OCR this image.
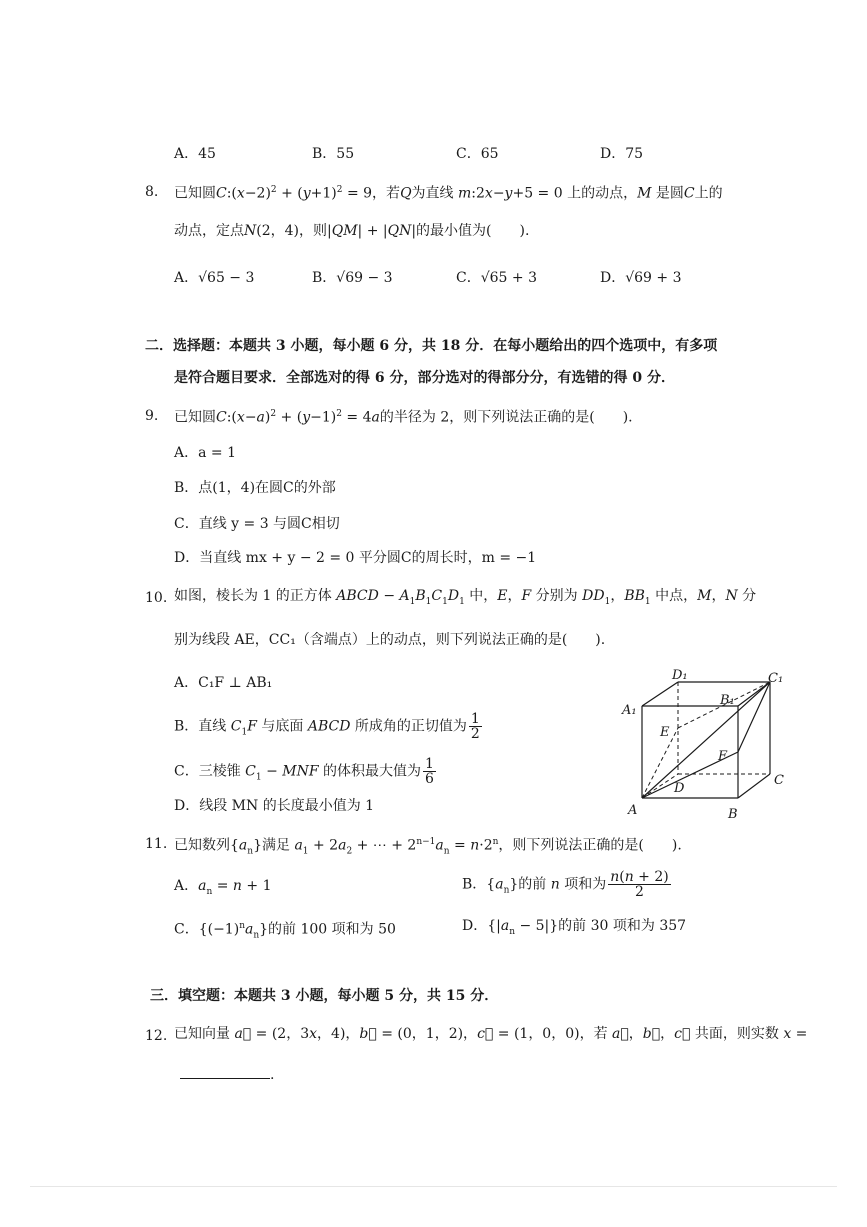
A．45	B．55	C．65	D．75
8. 已知圆$C:(x-2)^2 + (y+1)^2 = 9$，若Q为直线 m:2x−y+5 = 0 上的动点，M 是圆C上的
动点，定点N(2，4)，则|QM| + |QN|的最小值为(　　).
A．√65 − 3	B．√69 − 3	C．√65 + 3	D．√69 + 3
二．选择题：本题共 3 小题，每小题 6 分，共 18 分．在每小题给出的四个选项中，有多项
是符合题目要求．全部选对的得 6 分，部分选对的得部分分，有选错的得 0 分．
9. 已知圆$C:(x-a)^2 + (y-1)^2 = 4a$的半径为 2，则下列说法正确的是(　　).
A．a = 1
B．点(1，4)在圆C的外部
C．直线 y = 3 与圆C相切
D．当直线 mx + y − 2 = 0 平分圆C的周长时，m = −1
10. 如图，棱长为 1 的正方体 ABCD − $A_1B_1C_1D_1$ 中，E，F 分别为 $DD_1$，$BB_1$ 中点，M，N 分
别为线段 AE，CC₁（含端点）上的动点，则下列说法正确的是(　　).
A．C₁F ⊥ AB₁
B．直线 $C_1F$ 与底面 ABCD 所成角的正切值为 $\frac{1}{2}$
C．三棱锥 $C_1$ − MNF 的体积最大值为 $\frac{1}{6}$
D．线段 MN 的长度最小值为 1
D₁	C₁
A₁
B₁
E
F
D
C
A	B
11. 已知数列$\{a_n\}$满足 $a_1 + 2a_2$ + ⋯ + $2^{n-1}a_n = n\cdot 2^n$，则下列说法正确的是(　　).
A．$a_n = n + 1$	B．$\{a_n\}$的前 n 项和为 $\frac{n(n + 2)}{2}$
C．$\{(-1)^na_n\}$的前 100 项和为 50	D．$\{|a_n - 5|\}$的前 30 项和为 357
三．填空题：本题共 3 小题，每小题 5 分，共 15 分．
12. 已知向量 a⃗ = (2，3x，4)，b⃗ = (0，1，2)，c⃗ = (1，0，0)，若 a⃗，b⃗，c⃗ 共面，则实数 x =
.
